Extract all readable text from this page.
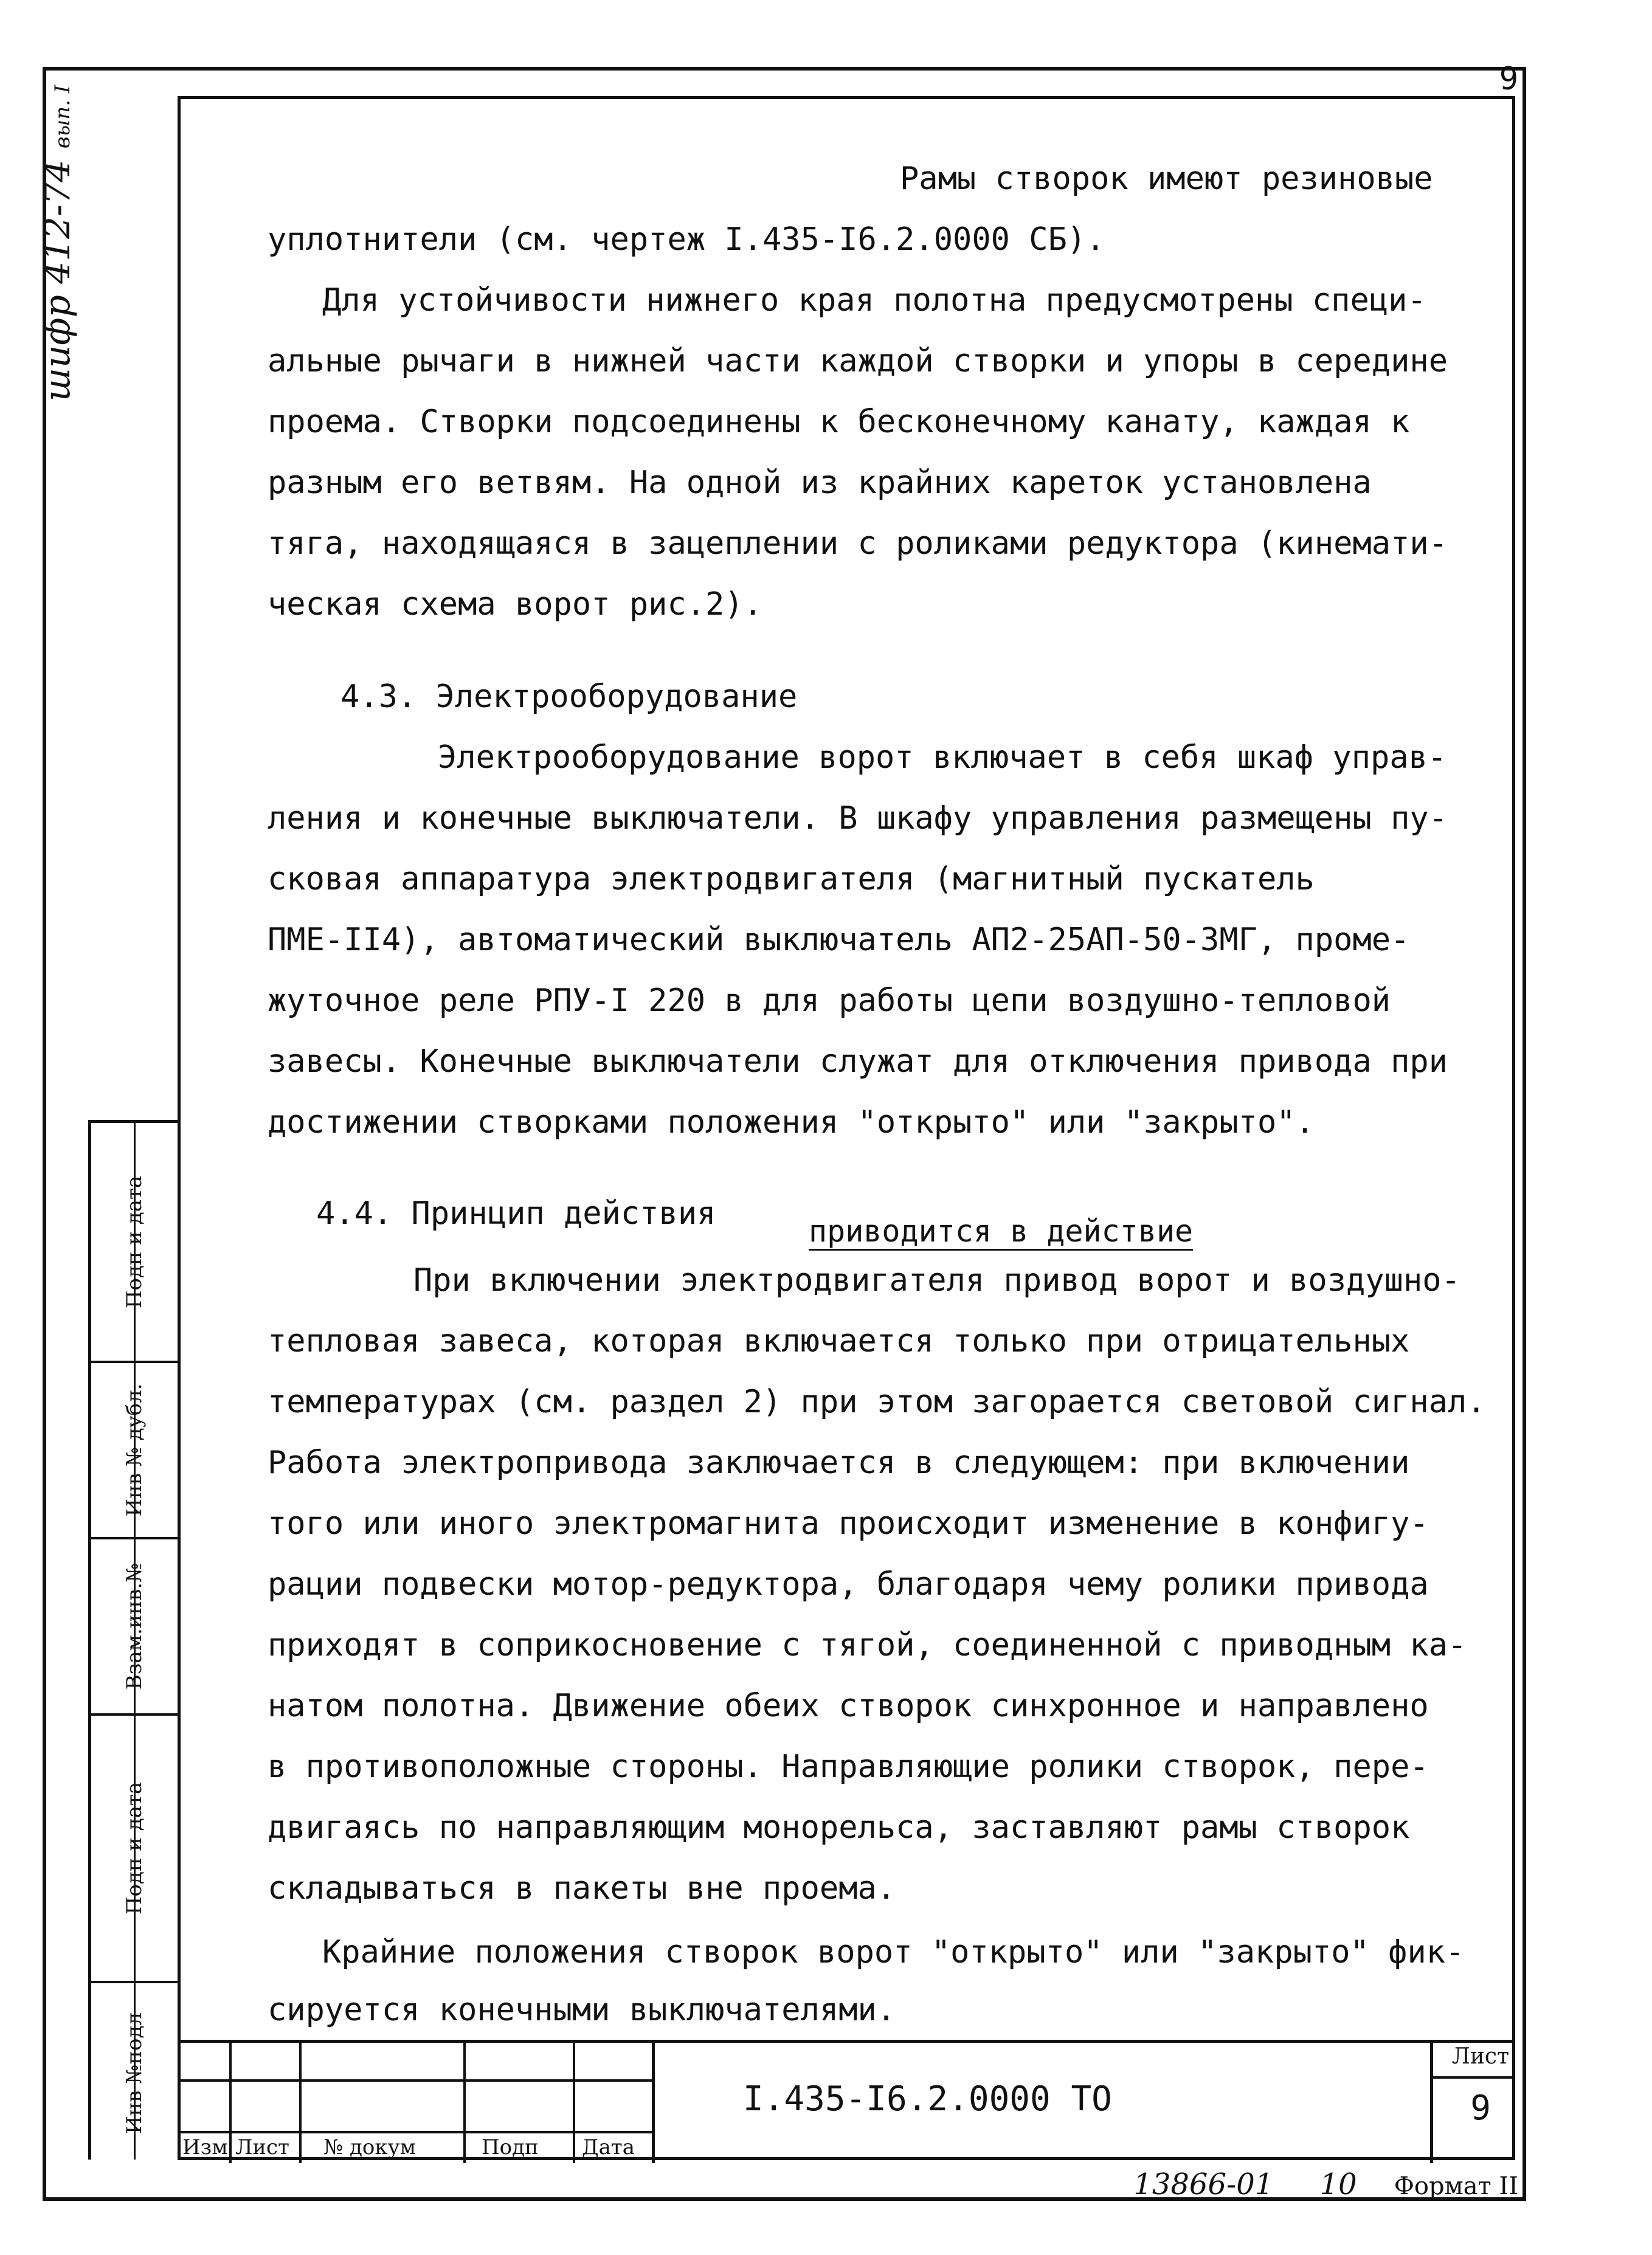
9
шифр 412-74 вып. I
Подп и дата
Инв № дубл.
Взам.инв.№
Подп и дата
Инв №подл
Рамы створок имеют резиновые
уплотнители (см. чертеж I.435-I6.2.0000 СБ).
Для устойчивости нижнего края полотна предусмотрены специ-
альные рычаги в нижней части каждой створки и упоры в середине
проема. Створки подсоединены к бесконечному канату, каждая к
разным его ветвям. На одной из крайних кареток установлена
тяга, находящаяся в зацеплении с роликами редуктора (кинемати-
ческая схема ворот рис.2).
4.3. Электрооборудование
Электрооборудование ворот включает в себя шкаф управ-
ления и конечные выключатели. В шкафу управления размещены пу-
сковая аппаратура электродвигателя (магнитный пускатель
ПМЕ-II4), автоматический выключатель АП2-25АП-50-3МГ, проме-
жуточное реле РПУ-I 220 в для работы цепи воздушно-тепловой
завесы. Конечные выключатели служат для отключения привода при
достижении створками положения "открыто" или "закрыто".
4.4. Принцип действия	приводится в действие
При включении электродвигателя привод ворот и воздушно-
тепловая завеса, которая включается только при отрицательных
температурах (см. раздел 2) при этом загорается световой сигнал.
Работа электропривода заключается в следующем: при включении
того или иного электромагнита происходит изменение в конфигу-
рации подвески мотор-редуктора, благодаря чему ролики привода
приходят в соприкосновение с тягой, соединенной с приводным ка-
натом полотна. Движение обеих створок синхронное и направлено
в противоположные стороны. Направляющие ролики створок, пере-
двигаясь по направляющим монорельса, заставляют рамы створок
складываться в пакеты вне проема.
Крайние положения створок ворот "открыто" или "закрыто" фик-
сируется конечными выключателями.
Изм Лист № докум	Подп Дата
I.435-I6.2.0000 ТО
Лист
9
13866-01 10 Формат II
